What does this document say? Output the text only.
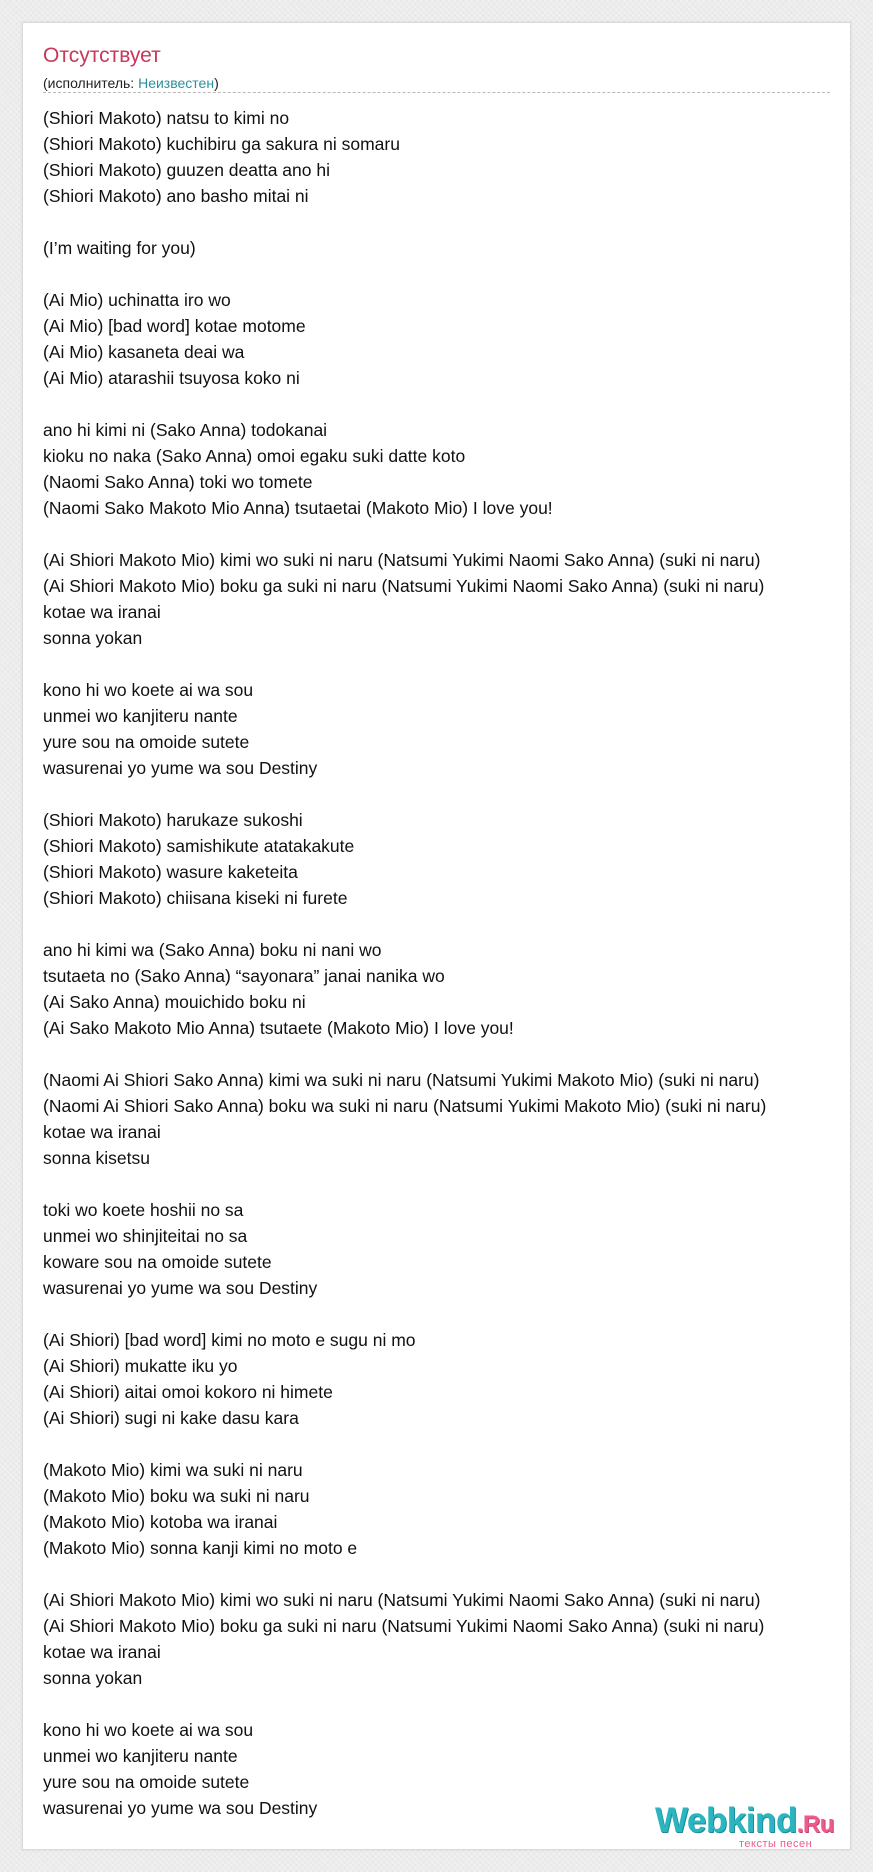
Отсутствует
(исполнитель: Неизвестен)
(Shiori Makoto) natsu to kimi no
(Shiori Makoto) kuchibiru ga sakura ni somaru
(Shiori Makoto) guuzen deatta ano hi
(Shiori Makoto) ano basho mitai ni
(I’m waiting for you)
(Ai Mio) uchinatta iro wo
(Ai Mio) [bad word] kotae motome
(Ai Mio) kasaneta deai wa
(Ai Mio) atarashii tsuyosa koko ni
ano hi kimi ni (Sako Anna) todokanai
kioku no naka (Sako Anna) omoi egaku suki datte koto
(Naomi Sako Anna) toki wo tomete
(Naomi Sako Makoto Mio Anna) tsutaetai (Makoto Mio) I love you!
(Ai Shiori Makoto Mio) kimi wo suki ni naru (Natsumi Yukimi Naomi Sako Anna) (suki ni naru)
(Ai Shiori Makoto Mio) boku ga suki ni naru (Natsumi Yukimi Naomi Sako Anna) (suki ni naru)
kotae wa iranai
sonna yokan
kono hi wo koete ai wa sou
unmei wo kanjiteru nante
yure sou na omoide sutete
wasurenai yo yume wa sou Destiny
(Shiori Makoto) harukaze sukoshi
(Shiori Makoto) samishikute atatakakute
(Shiori Makoto) wasure kaketeita
(Shiori Makoto) chiisana kiseki ni furete
ano hi kimi wa (Sako Anna) boku ni nani wo
tsutaeta no (Sako Anna) “sayonara” janai nanika wo
(Ai Sako Anna) mouichido boku ni
(Ai Sako Makoto Mio Anna) tsutaete (Makoto Mio) I love you!
(Naomi Ai Shiori Sako Anna) kimi wa suki ni naru (Natsumi Yukimi Makoto Mio) (suki ni naru)
(Naomi Ai Shiori Sako Anna) boku wa suki ni naru (Natsumi Yukimi Makoto Mio) (suki ni naru)
kotae wa iranai
sonna kisetsu
toki wo koete hoshii no sa
unmei wo shinjiteitai no sa
koware sou na omoide sutete
wasurenai yo yume wa sou Destiny
(Ai Shiori) [bad word] kimi no moto e sugu ni mo
(Ai Shiori) mukatte iku yo
(Ai Shiori) aitai omoi kokoro ni himete
(Ai Shiori) sugi ni kake dasu kara
(Makoto Mio) kimi wa suki ni naru
(Makoto Mio) boku wa suki ni naru
(Makoto Mio) kotoba wa iranai
(Makoto Mio) sonna kanji kimi no moto e
(Ai Shiori Makoto Mio) kimi wo suki ni naru (Natsumi Yukimi Naomi Sako Anna) (suki ni naru)
(Ai Shiori Makoto Mio) boku ga suki ni naru (Natsumi Yukimi Naomi Sako Anna) (suki ni naru)
kotae wa iranai
sonna yokan
kono hi wo koete ai wa sou
unmei wo kanjiteru nante
yure sou na omoide sutete
wasurenai yo yume wa sou Destiny	Webkind.Ru
тексты песен
